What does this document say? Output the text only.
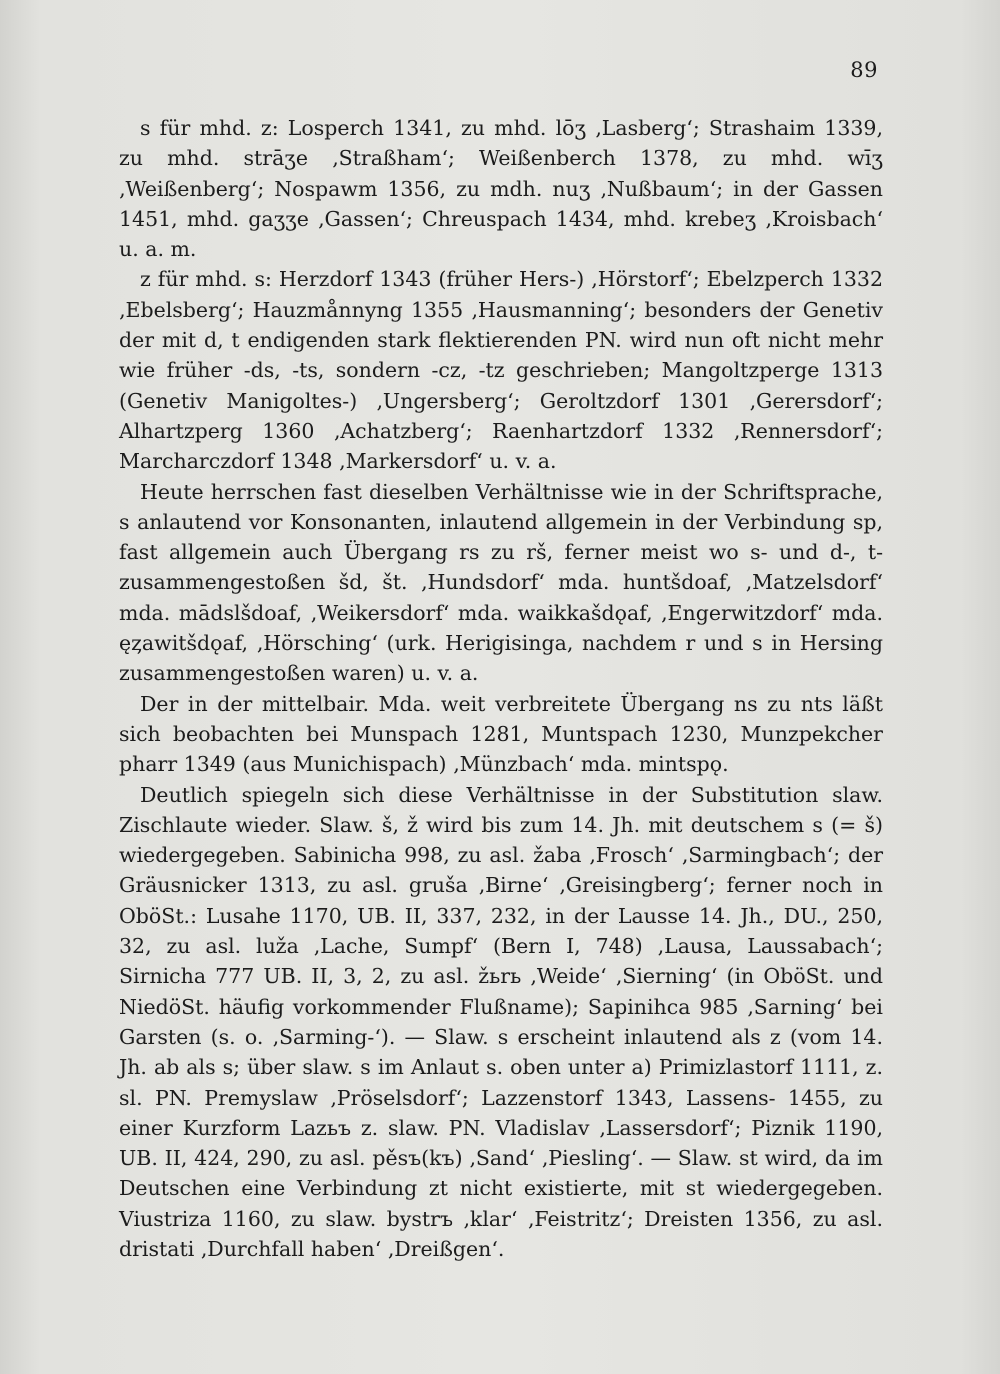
89

s für mhd. z: Losperch 1341, zu mhd. lōʒ ‚Lasberg‘; Strashaim 1339, zu mhd. strāʒe ‚Straßham‘; Weißenberch 1378, zu mhd. wīʒ ‚Weißenberg‘; Nospawm 1356, zu mdh. nuʒ ‚Nußbaum‘; in der Gassen 1451, mhd. gaʒʒe ‚Gassen‘; Chreuspach 1434, mhd. krebeʒ ‚Kroisbach‘ u. a. m.

z für mhd. s: Herzdorf 1343 (früher Hers-) ‚Hörstorf‘; Ebelzperch 1332 ‚Ebelsberg‘; Hauzmånnyng 1355 ‚Hausmanning‘; besonders der Genetiv der mit d, t endigenden stark flektierenden PN. wird nun oft nicht mehr wie früher -ds, -ts, sondern -cz, -tz geschrieben; Mangoltzperge 1313 (Genetiv Manigoltes-) ‚Ungersberg‘; Geroltzdorf 1301 ‚Gerersdorf‘; Alhartzperg 1360 ‚Achatzberg‘; Raenhartzdorf 1332 ‚Rennersdorf‘; Marcharczdorf 1348 ‚Markersdorf‘ u. v. a.

Heute herrschen fast dieselben Verhältnisse wie in der Schriftsprache, s anlautend vor Konsonanten, inlautend allgemein in der Verbindung sp, fast allgemein auch Übergang rs zu rš, ferner meist wo s- und d-, t- zusammengestoßen šd, št. ‚Hundsdorf‘ mda. huntšdoaf, ‚Matzelsdorf‘ mda. mādslšdoaf, ‚Weikersdorf‘ mda. waikkašdǫaf, ‚Engerwitzdorf‘ mda. ęȥawitšdǫaf, ‚Hörsching‘ (urk. Herigisinga, nachdem r und s in Hersing zusammengestoßen waren) u. v. a.

Der in der mittelbair. Mda. weit verbreitete Übergang ns zu nts läßt sich beobachten bei Munspach 1281, Muntspach 1230, Munzpekcher pharr 1349 (aus Munichispach) ‚Münzbach‘ mda. mintspǫ.

Deutlich spiegeln sich diese Verhältnisse in der Substitution slaw. Zischlaute wieder. Slaw. š, ž wird bis zum 14. Jh. mit deutschem s (= š) wiedergegeben. Sabinicha 998, zu asl. žaba ‚Frosch‘ ‚Sarmingbach‘; der Gräusnicker 1313, zu asl. gruša ‚Birne‘ ‚Greisingberg‘; ferner noch in OböSt.: Lusahe 1170, UB. II, 337, 232, in der Lausse 14. Jh., DU., 250, 32, zu asl. luža ‚Lache, Sumpf‘ (Bern I, 748) ‚Lausa, Laussabach‘; Sirnicha 777 UB. II, 3, 2, zu asl. žьrь ‚Weide‘ ‚Sierning‘ (in OböSt. und NiedöSt. häufig vorkommender Flußname); Sapinihca 985 ‚Sarning‘ bei Garsten (s. o. ‚Sarming-‘). — Slaw. s erscheint inlautend als z (vom 14. Jh. ab als s; über slaw. s im Anlaut s. oben unter a) Primizlastorf 1111, z. sl. PN. Premyslaw ‚Pröselsdorf‘; Lazzenstorf 1343, Lassens- 1455, zu einer Kurzform Lazьъ z. slaw. PN. Vladislav ‚Lassersdorf‘; Piznik 1190, UB. II, 424, 290, zu asl. pěsъ(kъ) ‚Sand‘ ‚Piesling‘. — Slaw. st wird, da im Deutschen eine Verbindung zt nicht existierte, mit st wiedergegeben. Viustriza 1160, zu slaw. bystrъ ‚klar‘ ‚Feistritz‘; Dreisten 1356, zu asl. dristati ‚Durchfall haben‘ ‚Dreißgen‘.
